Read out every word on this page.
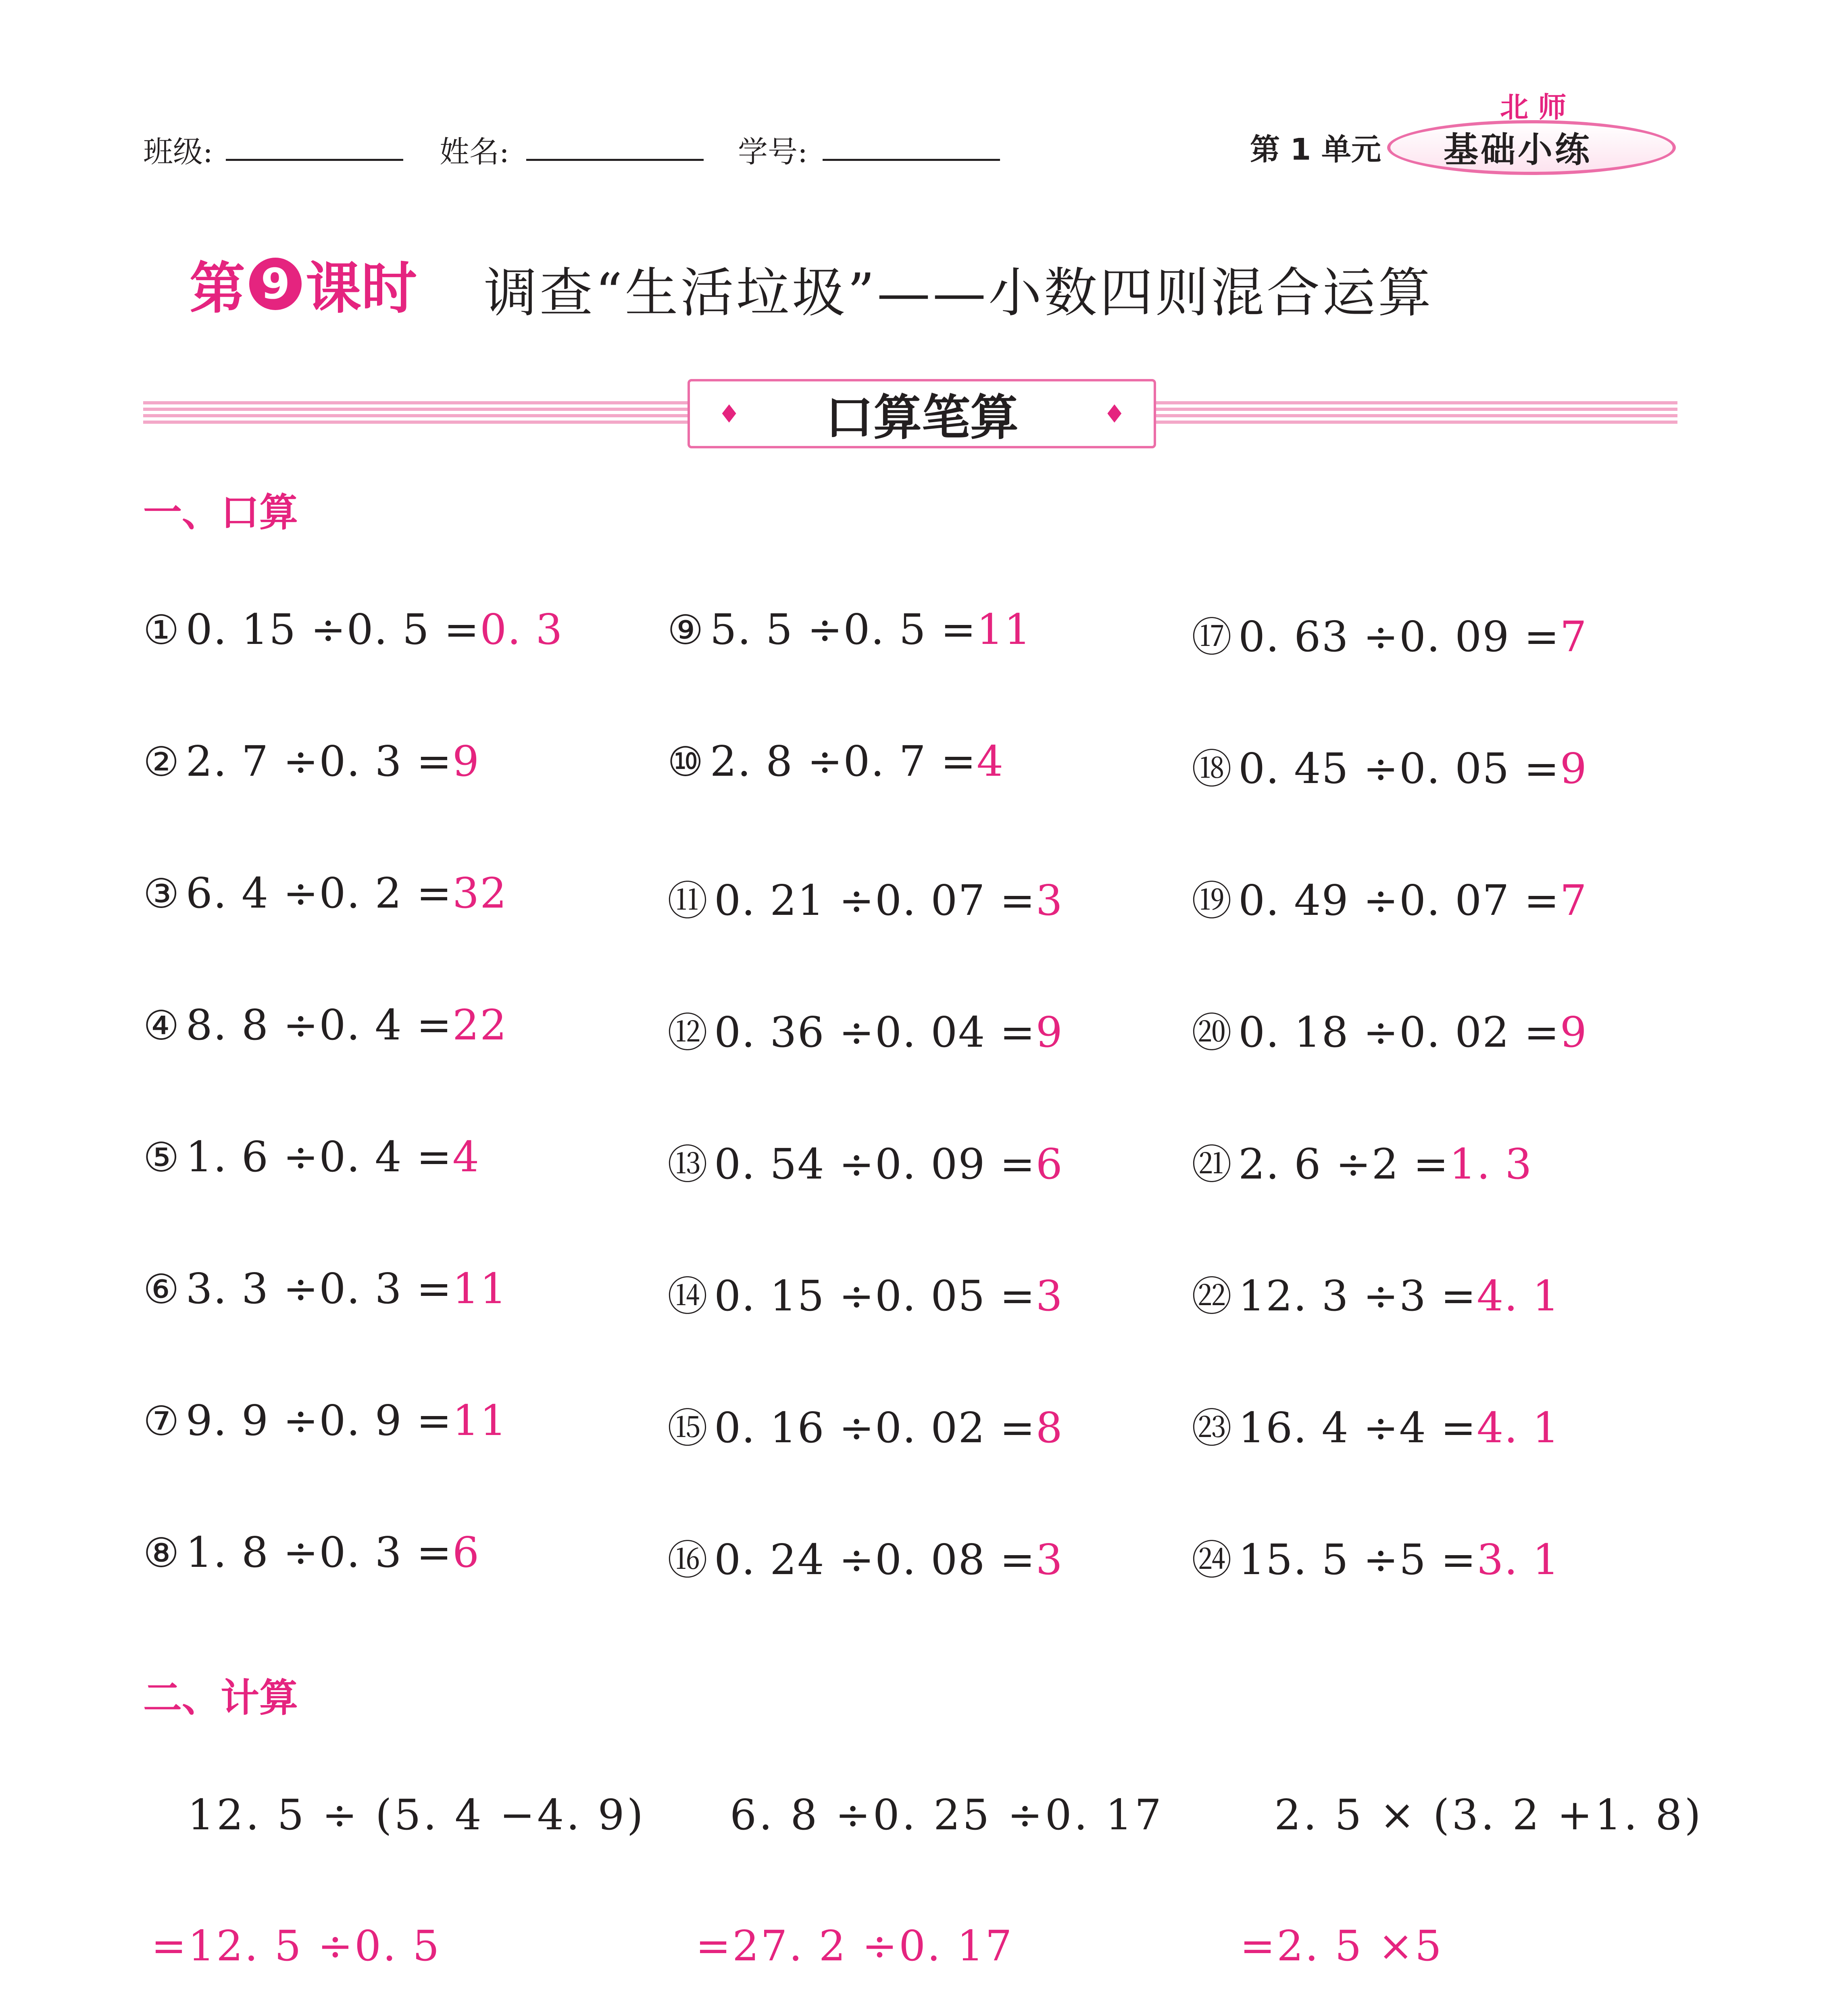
班级:	姓名:	学号:	第 1 单元
北 师
基础小练
第 9 课时 调查“生活垃圾”——小数四则混合运算
♦ 口算笔算	♦
一、口算
① 0. 15 ÷0. 5 =0. 3
② 2. 7 ÷0. 3 =9
③ 6. 4 ÷0. 2 =32
④ 8. 8 ÷0. 4 =22
⑤ 1. 6 ÷0. 4 =4
⑥ 3. 3 ÷0. 3 =11
⑦ 9. 9 ÷0. 9 =11
⑧ 1. 8 ÷0. 3 =6
⑨ 5. 5 ÷0. 5 =11
⑩ 2. 8 ÷0. 7 =4
⑪ 0. 21 ÷0. 07 =3
⑫ 0. 36 ÷0. 04 =9
⑬ 0. 54 ÷0. 09 =6
⑭ 0. 15 ÷0. 05 =3
⑮ 0. 16 ÷0. 02 =8
⑯ 0. 24 ÷0. 08 =3
⑰ 0. 63 ÷0. 09 =7
⑱ 0. 45 ÷0. 05 =9
⑲ 0. 49 ÷0. 07 =7
⑳ 0. 18 ÷0. 02 =9
㉑ 2. 6 ÷2 =1. 3
㉒ 12. 3 ÷3 =4. 1
㉓ 16. 4 ÷4 =4. 1
㉔ 15. 5 ÷5 =3. 1
二、计算
12. 5 ÷ (5. 4 −4. 9)
=12. 5 ÷0. 5
6. 8 ÷0. 25 ÷0. 17
=27. 2 ÷0. 17
2. 5 × (3. 2 +1. 8)
=2. 5 ×5
